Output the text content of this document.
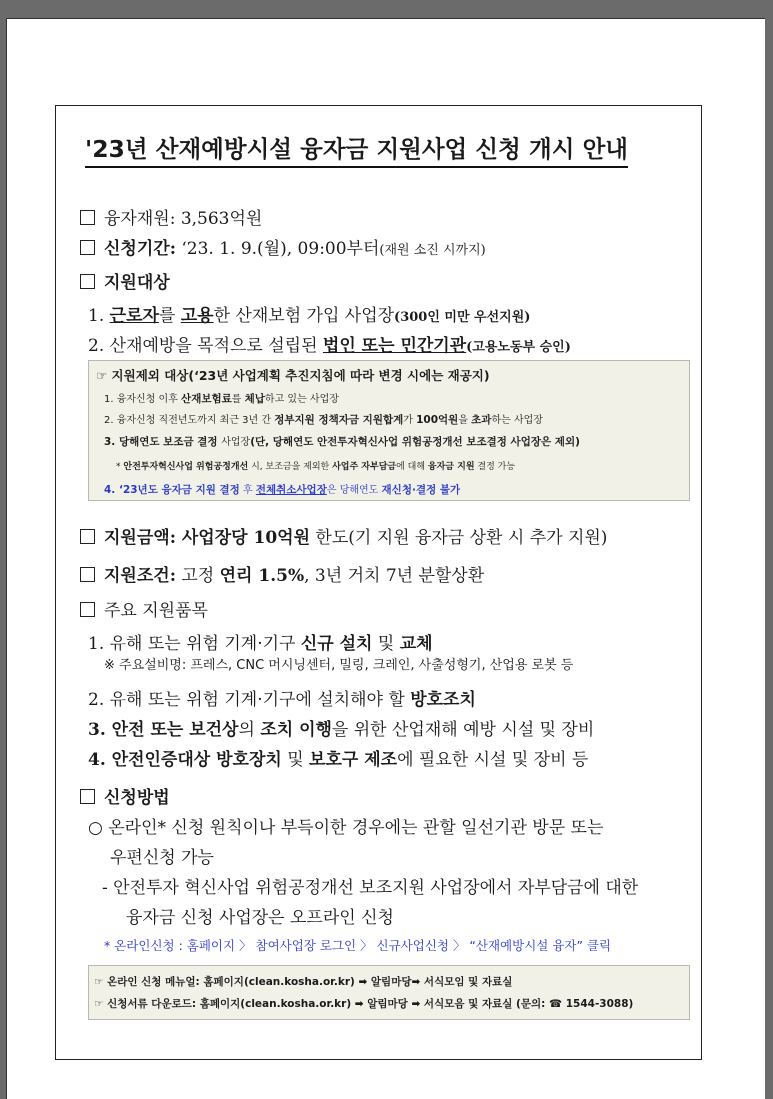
'23년 산재예방시설 융자금 지원사업 신청 개시 안내
융자재원: 3,563억원
신청기간: ‘23. 1. 9.(월), 09:00부터(재원 소진 시까지)
지원대상
1. 근로자를 고용한 산재보험 가입 사업장(300인 미만 우선지원)
2. 산재예방을 목적으로 설립된 법인 또는 민간기관(고용노동부 승인)
☞ 지원제외 대상(‘23년 사업계획 추진지침에 따라 변경 시에는 재공지)
1. 융자신청 이후 산재보험료를 체납하고 있는 사업장
2. 융자신청 직전년도까지 최근 3년 간 정부지원 정책자금 지원합계가 100억원을 초과하는 사업장
3. 당해연도 보조금 결정 사업장(단, 당해연도 안전투자혁신사업 위험공정개선 보조결정 사업장은 제외)
* 안전투자혁신사업 위험공정개선 시, 보조금을 제외한 사업주 자부담금에 대해 융자금 지원 결정 가능
4. ‘23년도 융자금 지원 결정 후 전체취소사업장은 당해연도 재신청·결정 불가
지원금액: 사업장당 10억원 한도(기 지원 융자금 상환 시 추가 지원)
지원조건: 고정 연리 1.5%, 3년 거치 7년 분할상환
주요 지원품목
1. 유해 또는 위험 기계·기구 신규 설치 및 교체
※ 주요설비명: 프레스, CNC 머시닝센터, 밀링, 크레인, 사출성형기, 산업용 로봇 등
2. 유해 또는 위험 기계·기구에 설치해야 할 방호조치
3. 안전 또는 보건상의 조치 이행을 위한 산업재해 예방 시설 및 장비
4. 안전인증대상 방호장치 및 보호구 제조에 필요한 시설 및 장비 등
신청방법
○ 온라인* 신청 원칙이나 부득이한 경우에는 관할 일선기관 방문 또는
우편신청 가능
- 안전투자 혁신사업 위험공정개선 보조지원 사업장에서 자부담금에 대한
융자금 신청 사업장은 오프라인 신청
* 온라인신청 : 홈페이지 〉 참여사업장 로그인 〉 신규사업신청 〉 “산재예방시설 융자” 클릭
☞ 온라인 신청 메뉴얼: 홈페이지(clean.kosha.or.kr) ➡ 알림마당➡ 서식모임 및 자료실
☞ 신청서류 다운로드: 홈페이지(clean.kosha.or.kr) ➡ 알림마당 ➡ 서식모음 및 자료실 (문의: ☎ 1544-3088)
